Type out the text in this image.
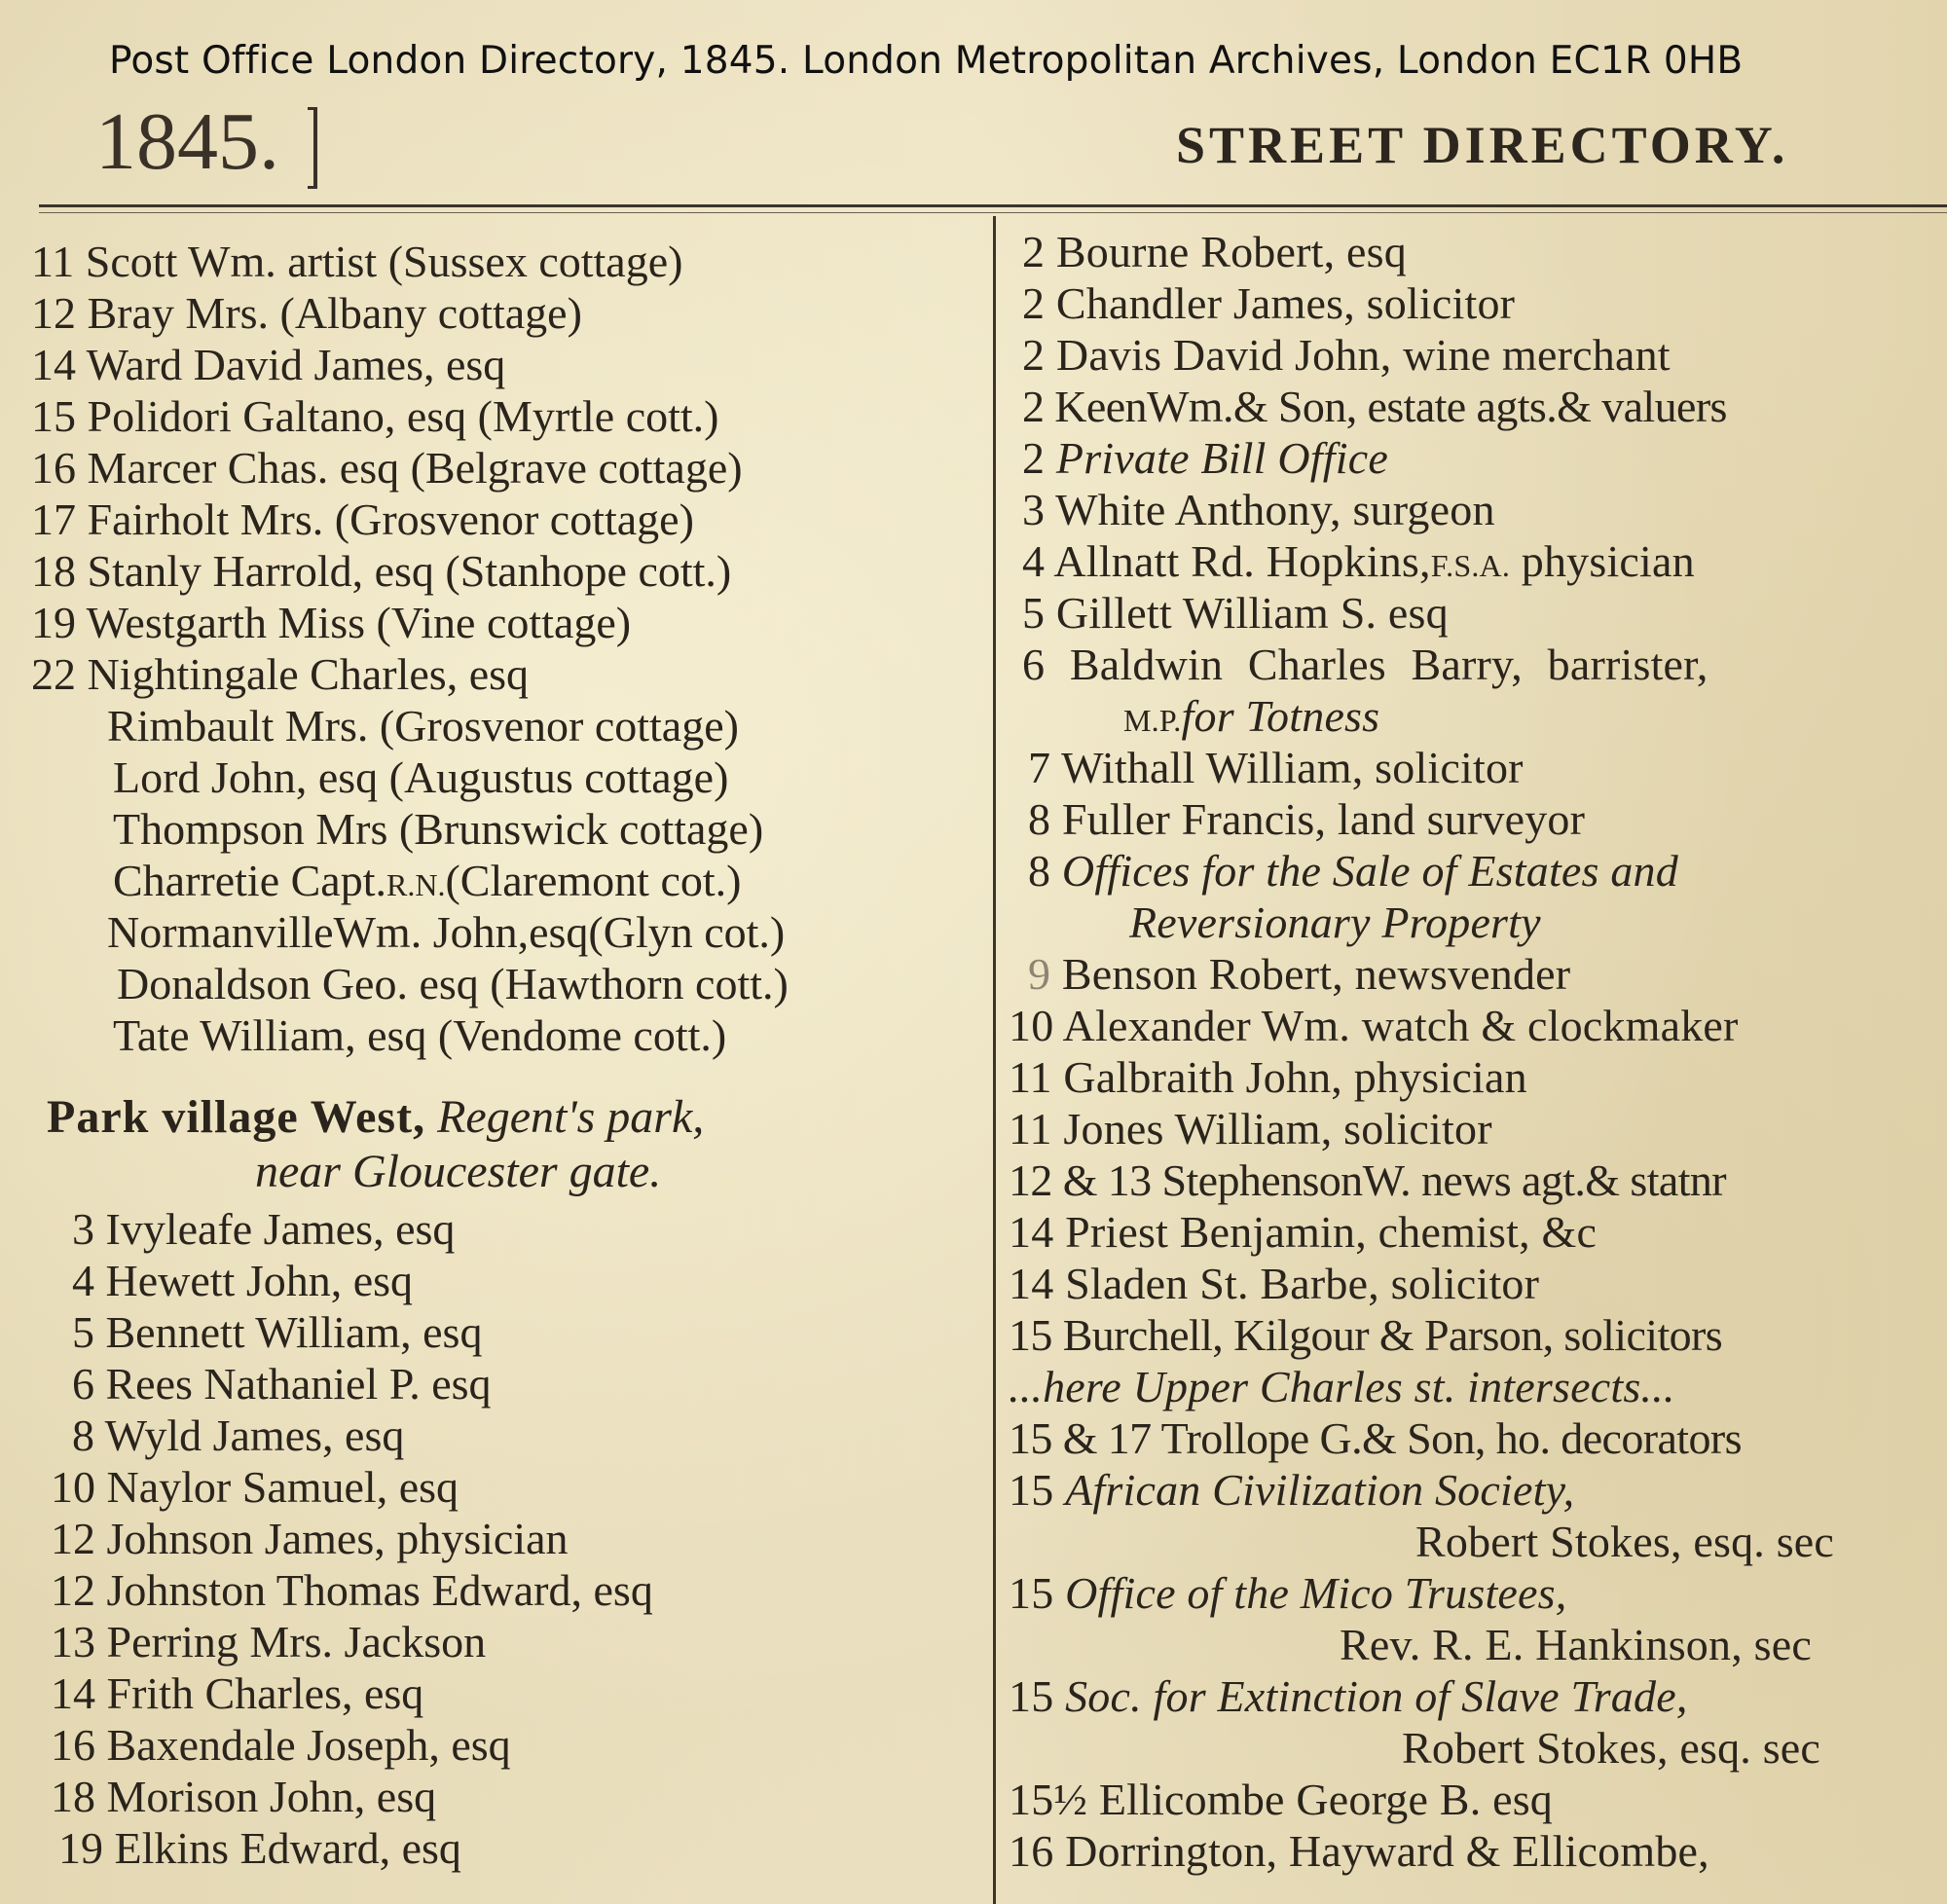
Post Office London Directory, 1845. London Metropolitan Archives, London EC1R 0HB
1845.	STREET DIRECTORY.
11 Scott Wm. artist (Sussex cottage)
12 Bray Mrs. (Albany cottage)
14 Ward David James, esq
15 Polidori Galtano, esq (Myrtle cott.)
16 Marcer Chas. esq (Belgrave cottage)
17 Fairholt Mrs. (Grosvenor cottage)
18 Stanly Harrold, esq (Stanhope cott.)
19 Westgarth Miss (Vine cottage)
22 Nightingale Charles, esq
Rimbault Mrs. (Grosvenor cottage)
Lord John, esq (Augustus cottage)
Thompson Mrs (Brunswick cottage)
Charretie Capt.R.N.(Claremont cot.)
NormanvilleWm. John,esq(Glyn cot.)
Donaldson Geo. esq (Hawthorn cott.)
Tate William, esq (Vendome cott.)
Park village West, Regent's park,
near Gloucester gate.
3 Ivyleafe James, esq
4 Hewett John, esq
5 Bennett William, esq
6 Rees Nathaniel P. esq
8 Wyld James, esq
10 Naylor Samuel, esq
12 Johnson James, physician
12 Johnston Thomas Edward, esq
13 Perring Mrs. Jackson
14 Frith Charles, esq
16 Baxendale Joseph, esq
18 Morison John, esq
19 Elkins Edward, esq
2 Bourne Robert, esq
2 Chandler James, solicitor
2 Davis David John, wine merchant
2 KeenWm.& Son, estate agts.& valuers
2 Private Bill Office
3 White Anthony, surgeon
4 Allnatt Rd. Hopkins,F.S.A. physician
5 Gillett William S. esq
6 Baldwin Charles Barry, barrister,
M.P.for Totness
7 Withall William, solicitor
8 Fuller Francis, land surveyor
8 Offices for the Sale of Estates and
Reversionary Property
9 Benson Robert, newsvender
10 Alexander Wm. watch & clockmaker
11 Galbraith John, physician
11 Jones William, solicitor
12 & 13 StephensonW. news agt.& statnr
14 Priest Benjamin, chemist, &c
14 Sladen St. Barbe, solicitor
15 Burchell, Kilgour & Parson, solicitors
...here Upper Charles st. intersects...
15 & 17 Trollope G.& Son, ho. decorators
15 African Civilization Society,
Robert Stokes, esq. sec
15 Office of the Mico Trustees,
Rev. R. E. Hankinson, sec
15 Soc. for Extinction of Slave Trade,
Robert Stokes, esq. sec
15½ Ellicombe George B. esq
16 Dorrington, Hayward & Ellicombe,
